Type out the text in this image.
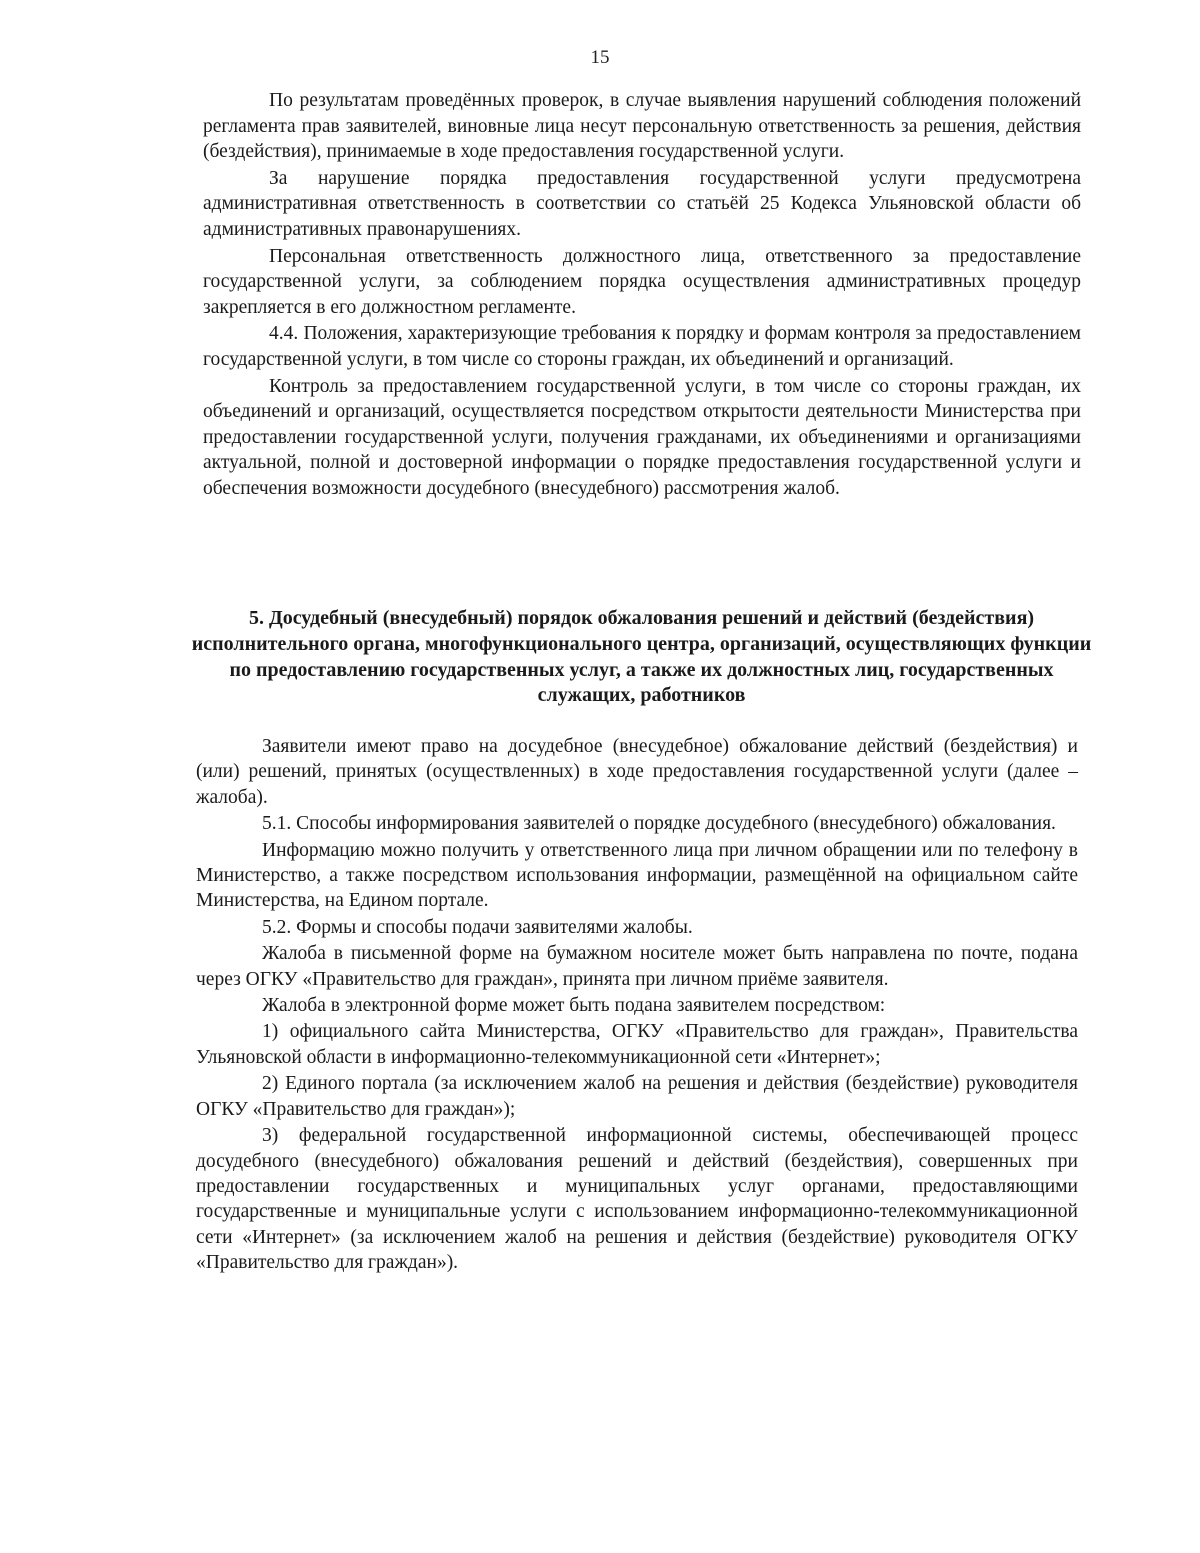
15

По результатам проведённых проверок, в случае выявления нарушений соблюдения положений регламента прав заявителей, виновные лица несут персональную ответственность за решения, действия (бездействия), принимаемые в ходе предоставления государственной услуги.

За нарушение порядка предоставления государственной услуги предусмотрена административная ответственность в соответствии со статьёй 25 Кодекса Ульяновской области об административных правонарушениях.

Персональная ответственность должностного лица, ответственного за предоставление государственной услуги, за соблюдением порядка осуществления административных процедур закрепляется в его должностном регламенте.

4.4. Положения, характеризующие требования к порядку и формам контроля за предоставлением государственной услуги, в том числе со стороны граждан, их объединений и организаций.

Контроль за предоставлением государственной услуги, в том числе со стороны граждан, их объединений и организаций, осуществляется посредством открытости деятельности Министерства при предоставлении государственной услуги, получения гражданами, их объединениями и организациями актуальной, полной и достоверной информации о порядке предоставления государственной услуги и обеспечения возможности досудебного (внесудебного) рассмотрения жалоб.

5. Досудебный (внесудебный) порядок обжалования решений и действий (бездействия) исполнительного органа, многофункционального центра, организаций, осуществляющих функции по предоставлению государственных услуг, а также их должностных лиц, государственных служащих, работников

Заявители имеют право на досудебное (внесудебное) обжалование действий (бездействия) и (или) решений, принятых (осуществленных) в ходе предоставления государственной услуги (далее – жалоба).

5.1. Способы информирования заявителей о порядке досудебного (внесудебного) обжалования.

Информацию можно получить у ответственного лица при личном обращении или по телефону в Министерство, а также посредством использования информации, размещённой на официальном сайте Министерства, на Едином портале.

5.2. Формы и способы подачи заявителями жалобы.

Жалоба в письменной форме на бумажном носителе может быть направлена по почте, подана через ОГКУ «Правительство для граждан», принята при личном приёме заявителя.

Жалоба в электронной форме может быть подана заявителем посредством:

1) официального сайта Министерства, ОГКУ «Правительство для граждан», Правительства Ульяновской области в информационно-телекоммуникационной сети «Интернет»;

2) Единого портала (за исключением жалоб на решения и действия (бездействие) руководителя ОГКУ «Правительство для граждан»);

3) федеральной государственной информационной системы, обеспечивающей процесс досудебного (внесудебного) обжалования решений и действий (бездействия), совершенных при предоставлении государственных и муниципальных услуг органами, предоставляющими государственные и муниципальные услуги с использованием информационно-телекоммуникационной сети «Интернет» (за исключением жалоб на решения и действия (бездействие) руководителя ОГКУ «Правительство для граждан»).
